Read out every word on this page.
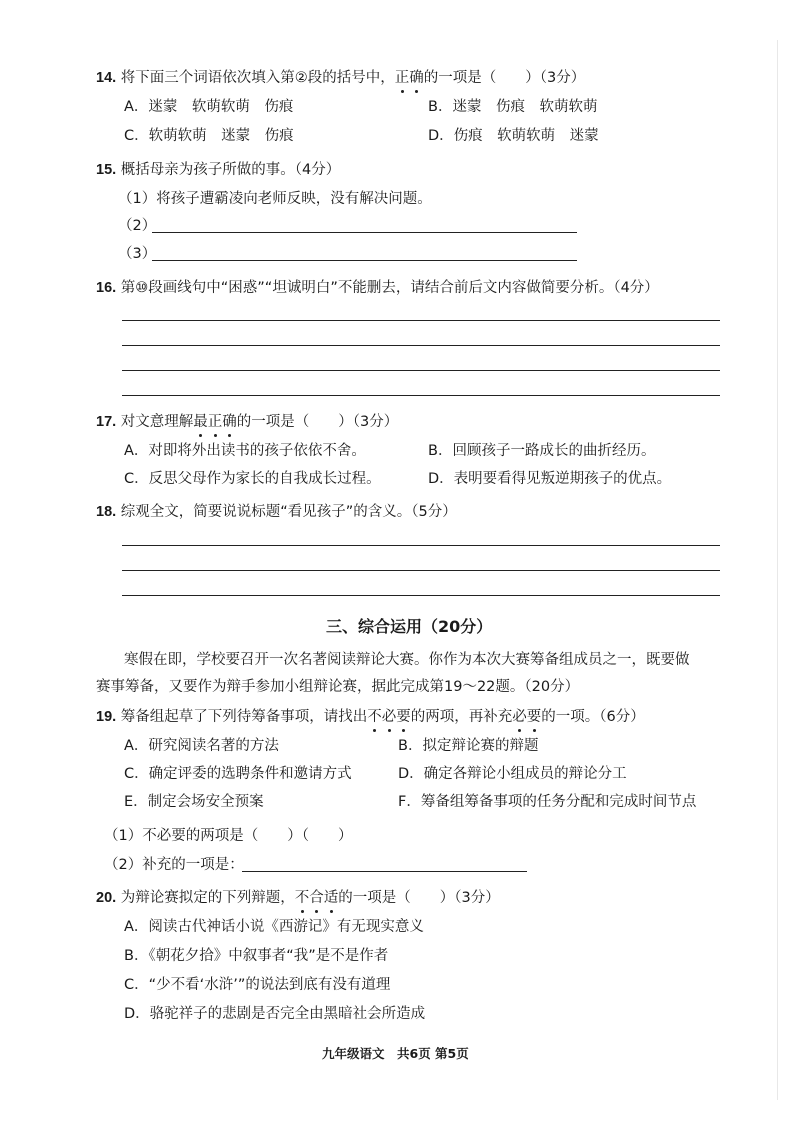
14. 将下面三个词语依次填入第②段的括号中，正确的一项是（　　）（3分）
A．迷蒙　软萌软萌　伤痕	B．迷蒙　伤痕　软萌软萌
C．软萌软萌　迷蒙　伤痕	D．伤痕　软萌软萌　迷蒙
15. 概括母亲为孩子所做的事。（4分）
（1）将孩子遭霸凌向老师反映，没有解决问题。
（2）
（3）
16. 第⑩段画线句中“困惑”“坦诚明白”不能删去，请结合前后文内容做简要分析。（4分）
17. 对文意理解最正确的一项是（　　）（3分）
A．对即将外出读书的孩子依依不舍。	B．回顾孩子一路成长的曲折经历。
C．反思父母作为家长的自我成长过程。	D．表明要看得见叛逆期孩子的优点。
18. 综观全文，简要说说标题“看见孩子”的含义。（5分）
三、综合运用（20分）
寒假在即，学校要召开一次名著阅读辩论大赛。你作为本次大赛筹备组成员之一，既要做
赛事筹备，又要作为辩手参加小组辩论赛，据此完成第19～22题。（20分）
19. 筹备组起草了下列待筹备事项，请找出不必要的两项，再补充必要的一项。（6分）
A．研究阅读名著的方法	B．拟定辩论赛的辩题
C．确定评委的选聘条件和邀请方式	D．确定各辩论小组成员的辩论分工
E．制定会场安全预案	F．筹备组筹备事项的任务分配和完成时间节点
（1）不必要的两项是（　　）（　　）
（2）补充的一项是：
20. 为辩论赛拟定的下列辩题，不合适的一项是（　　）（3分）
A．阅读古代神话小说《西游记》有无现实意义
B．《朝花夕拾》中叙事者“我”是不是作者
C．“少不看‘水浒’”的说法到底有没有道理
D．骆驼祥子的悲剧是否完全由黑暗社会所造成
九年级语文　共6页 第5页
